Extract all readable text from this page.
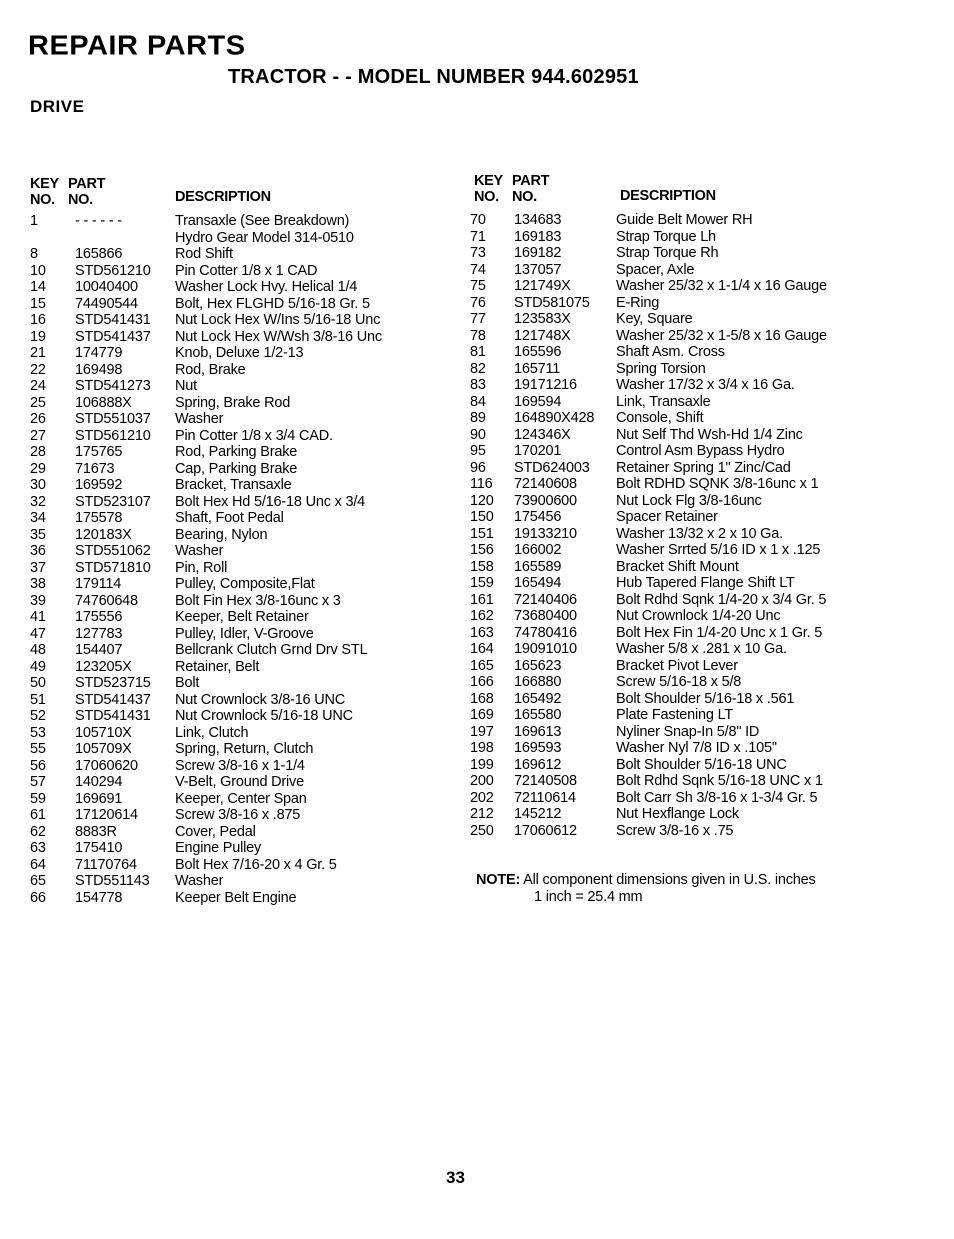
REPAIR PARTS
TRACTOR - - MODEL NUMBER 944.602951
DRIVE
KEY
NO.
PART
NO.	DESCRIPTION
KEY
NO.
PART
NO.	DESCRIPTION
1	- - - - - -	Transaxle (See Breakdown)
Hydro Gear Model 314-0510
8	165866	Rod Shift
10 STD561210 Pin Cotter 1/8 x 1 CAD
14 10040400	Washer Lock Hvy. Helical 1/4
15 74490544	Bolt, Hex FLGHD 5/16-18 Gr. 5
16 STD541431 Nut Lock Hex W/Ins 5/16-18 Unc
19 STD541437 Nut Lock Hex W/Wsh 3/8-16 Unc
21 174779	Knob, Deluxe 1/2-13
22 169498	Rod, Brake
24 STD541273 Nut
25 106888X	Spring, Brake Rod
26 STD551037 Washer
27 STD561210 Pin Cotter 1/8 x 3/4 CAD.
28 175765	Rod, Parking Brake
29 71673	Cap, Parking Brake
30 169592	Bracket, Transaxle
32 STD523107 Bolt Hex Hd 5/16-18 Unc x 3/4
34 175578	Shaft, Foot Pedal
35 120183X	Bearing, Nylon
36 STD551062 Washer
37 STD571810 Pin, Roll
38 179114	Pulley, Composite,Flat
39 74760648	Bolt Fin Hex 3/8-16unc x 3
41 175556	Keeper, Belt Retainer
47 127783	Pulley, Idler, V-Groove
48 154407	Bellcrank Clutch Grnd Drv STL
49 123205X	Retainer, Belt
50 STD523715 Bolt
51 STD541437 Nut Crownlock 3/8-16 UNC
52 STD541431 Nut Crownlock 5/16-18 UNC
53 105710X	Link, Clutch
55 105709X	Spring, Return, Clutch
56 17060620	Screw 3/8-16 x 1-1/4
57 140294	V-Belt, Ground Drive
59 169691	Keeper, Center Span
61 17120614	Screw 3/8-16 x .875
62 8883R	Cover, Pedal
63 175410	Engine Pulley
64 71170764	Bolt Hex 7/16-20 x 4 Gr. 5
65 STD551143 Washer
66 154778	Keeper Belt Engine
70 134683	Guide Belt Mower RH
71 169183	Strap Torque Lh
73 169182	Strap Torque Rh
74 137057	Spacer, Axle
75 121749X	Washer 25/32 x 1-1/4 x 16 Gauge
76 STD581075 E-Ring
77 123583X	Key, Square
78 121748X	Washer 25/32 x 1-5/8 x 16 Gauge
81 165596	Shaft Asm. Cross
82 165711	Spring Torsion
83 19171216	Washer 17/32 x 3/4 x 16 Ga.
84 169594	Link, Transaxle
89 164890X428 Console, Shift
90 124346X	Nut Self Thd Wsh-Hd 1/4 Zinc
95 170201	Control Asm Bypass Hydro
96 STD624003 Retainer Spring 1" Zinc/Cad
116 72140608	Bolt RDHD SQNK 3/8-16unc x 1
120 73900600	Nut Lock Flg 3/8-16unc
150 175456	Spacer Retainer
151 19133210	Washer 13/32 x 2 x 10 Ga.
156 166002	Washer Srrted 5/16 ID x 1 x .125
158 165589	Bracket Shift Mount
159 165494	Hub Tapered Flange Shift LT
161 72140406	Bolt Rdhd Sqnk 1/4-20 x 3/4 Gr. 5
162 73680400	Nut Crownlock 1/4-20 Unc
163 74780416	Bolt Hex Fin 1/4-20 Unc x 1 Gr. 5
164 19091010	Washer 5/8 x .281 x 10 Ga.
165 165623	Bracket Pivot Lever
166 166880	Screw 5/16-18 x 5/8
168 165492	Bolt Shoulder 5/16-18 x .561
169 165580	Plate Fastening LT
197 169613	Nyliner Snap-In 5/8" ID
198 169593	Washer Nyl 7/8 ID x .105"
199 169612	Bolt Shoulder 5/16-18 UNC
200 72140508	Bolt Rdhd Sqnk 5/16-18 UNC x 1
202 72110614	Bolt Carr Sh 3/8-16 x 1-3/4 Gr. 5
212 145212	Nut Hexflange Lock
250 17060612	Screw 3/8-16 x .75
NOTE: All component dimensions given in U.S. inches
1 inch = 25.4 mm
33
